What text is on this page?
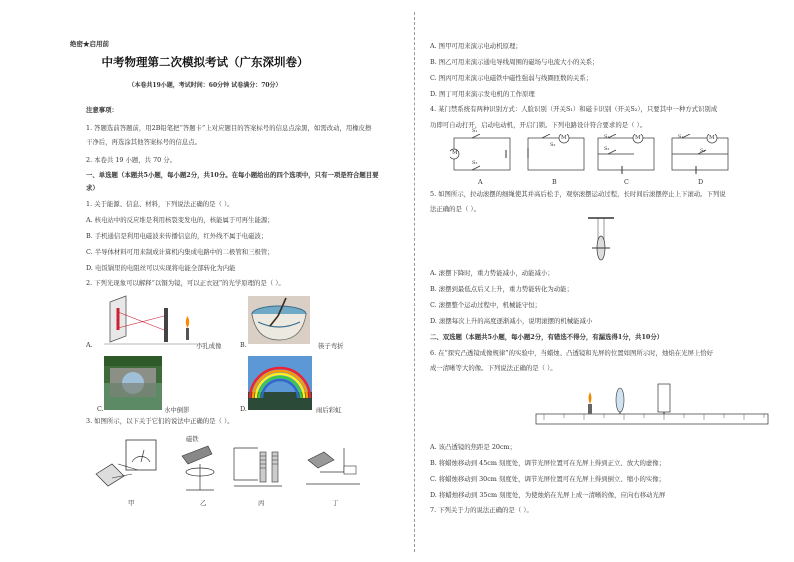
绝密★启用前
中考物理第二次模拟考试（广东深圳卷）
（本卷共19小题，考试时间：60分钟 试卷满分：70分）
注意事项：
1. 答题选前答题前，用2B铅笔把“答题卡”上对应题目的答案标号的信息点涂黑，如需改动，用橡皮擦
干净后，再选涂其他答案标号的信息点。
2. 本卷共 19 小题，共 70 分。
一、单选题（本题共5小题，每小题2分，共10分。在每小题给出的四个选项中，只有一项是符合题目要
求）
1. 关于能源、信息、材料，下列说法正确的是（ ）。
A. 核电站中的反应堆是利用核裂变发电的，核能属于可再生能源；
B. 手机通信是利用电磁波来传播信息的，红外线不属于电磁波；
C. 半导体材料可用来制成计算机内集成电路中的二极管和三极管；
D. 电饭锅里的电阻丝可以实现将电能全部转化为内能
2. 下列光现象可以解释“以铜为镜，可以正衣冠”的光学原理的是（ ）。
A.	小孔成像	B.	筷子弯折
C.	水中倒影	D.	雨后彩虹
3. 如图所示，以下关于它们的说法中正确的是（ ）。
甲
磁铁
乙	丙	丁
A. 图甲可用来演示电动机原理；
B. 图乙可用来演示通电导线周围的磁场与电流大小的关系；
C. 图丙可用来演示电磁铁中磁性强弱与线圈匝数的关系；
D. 图丁可用来演示发电机的工作原理
4. 某门禁系统有两种识别方式：人脸识别（开关S₁）和磁卡识别（开关S₂），只要其中一种方式识别成
功即可自动打开，启动电动机，开启门锁。下列电路设计符合要求的是（ ）。
M
S₁
S₂
A
M
S₂
B
M
S₁
S₂
C
M
S₁
S₂
D
5. 如图所示，拉动滚摆的细绳使其并高后松手，观察滚摆运动过程，长时间后滚摆停止上下滚动。下列说
法正确的是（ ）。
A. 滚摆下降时，重力势能减小，动能减小；
B. 滚摆到最低点后又上升，重力势能转化为动能；
C. 滚摆整个运动过程中，机械能守恒；
D. 滚摆每次上升的高度逐渐减小，说明滚摆的机械能减小
二、双选题（本题共5小题，每小题2分，有错选不得分，有漏选得1分，共10分）
6. 在“探究凸透镜成像规律”的实验中，当蜡烛、凸透镜和光屏的位置如图所示时，烛焰在光屏上恰好
成一清晰等大的像。下列说法正确的是（ ）。
A. 该凸透镜的焦距是 20cm；
B. 将蜡烛移动到 45cm 刻度处，调节光屏位置可在光屏上得到正立、放大的虚像；
C. 将蜡烛移动到 30cm 刻度处，调节光屏位置可在光屏上得到倒立、缩小的实像；
D. 将蜡烛移动到 35cm 刻度处，为使烛焰在光屏上成一清晰的像，应向右移动光屏
7. 下列关于力的说法正确的是（ ）。
